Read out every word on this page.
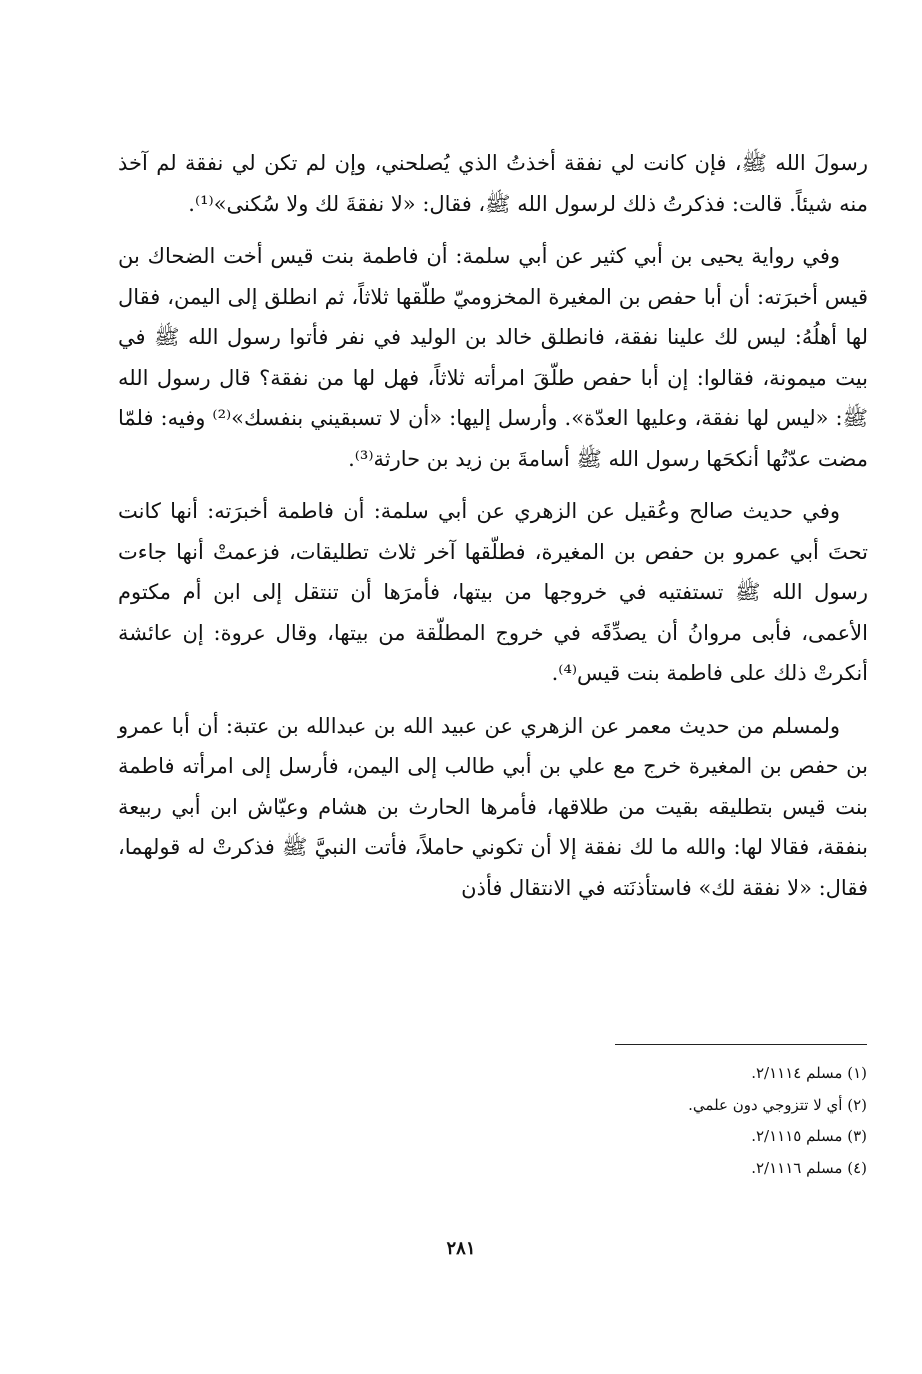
رسولَ الله ﷺ، فإن كانت لي نفقة أخذتُ الذي يُصلحني، وإن لم تكن لي نفقة لم آخذ منه شيئاً. قالت: فذكرتُ ذلك لرسول الله ﷺ، فقال: «لا نفقةَ لك ولا سُكنى»⁽¹⁾.

وفي رواية يحيى بن أبي كثير عن أبي سلمة: أن فاطمة بنت قيس أخت الضحاك بن قيس أخبرَته: أن أبا حفص بن المغيرة المخزوميّ طلّقها ثلاثاً، ثم انطلق إلى اليمن، فقال لها أهلُهُ: ليس لك علينا نفقة، فانطلق خالد بن الوليد في نفر فأتوا رسول الله ﷺ في بيت ميمونة، فقالوا: إن أبا حفص طلّقَ امرأته ثلاثاً، فهل لها من نفقة؟ قال رسول الله ﷺ: «ليس لها نفقة، وعليها العدّة». وأرسل إليها: «أن لا تسبقيني بنفسك»⁽²⁾ وفيه: فلمّا مضت عدّتُها أنكحَها رسول الله ﷺ أسامةَ بن زيد بن حارثة⁽³⁾.

وفي حديث صالح وعُقيل عن الزهري عن أبي سلمة: أن فاطمة أخبرَته: أنها كانت تحتَ أبي عمرو بن حفص بن المغيرة، فطلّقها آخر ثلاث تطليقات، فزعمتْ أنها جاءت رسول الله ﷺ تستفتيه في خروجها من بيتها، فأمرَها أن تنتقل إلى ابن أم مكتوم الأعمى، فأبى مروانُ أن يصدِّقَه في خروج المطلّقة من بيتها، وقال عروة: إن عائشة أنكرتْ ذلك على فاطمة بنت قيس⁽⁴⁾.

ولمسلم من حديث معمر عن الزهري عن عبيد الله بن عبدالله بن عتبة: أن أبا عمرو بن حفص بن المغيرة خرج مع علي بن أبي طالب إلى اليمن، فأرسل إلى امرأته فاطمة بنت قيس بتطليقه بقيت من طلاقها، فأمرها الحارث بن هشام وعيّاش ابن أبي ربيعة بنفقة، فقالا لها: والله ما لك نفقة إلا أن تكوني حاملاً، فأتت النبيَّ ﷺ فذكرتْ له قولهما، فقال: «لا نفقة لك» فاستأذنَته في الانتقال فأذن

(١) مسلم ٢/١١١٤.

(٢) أي لا تتزوجي دون علمي.

(٣) مسلم ٢/١١١٥.

(٤) مسلم ٢/١١١٦.

٢٨١
